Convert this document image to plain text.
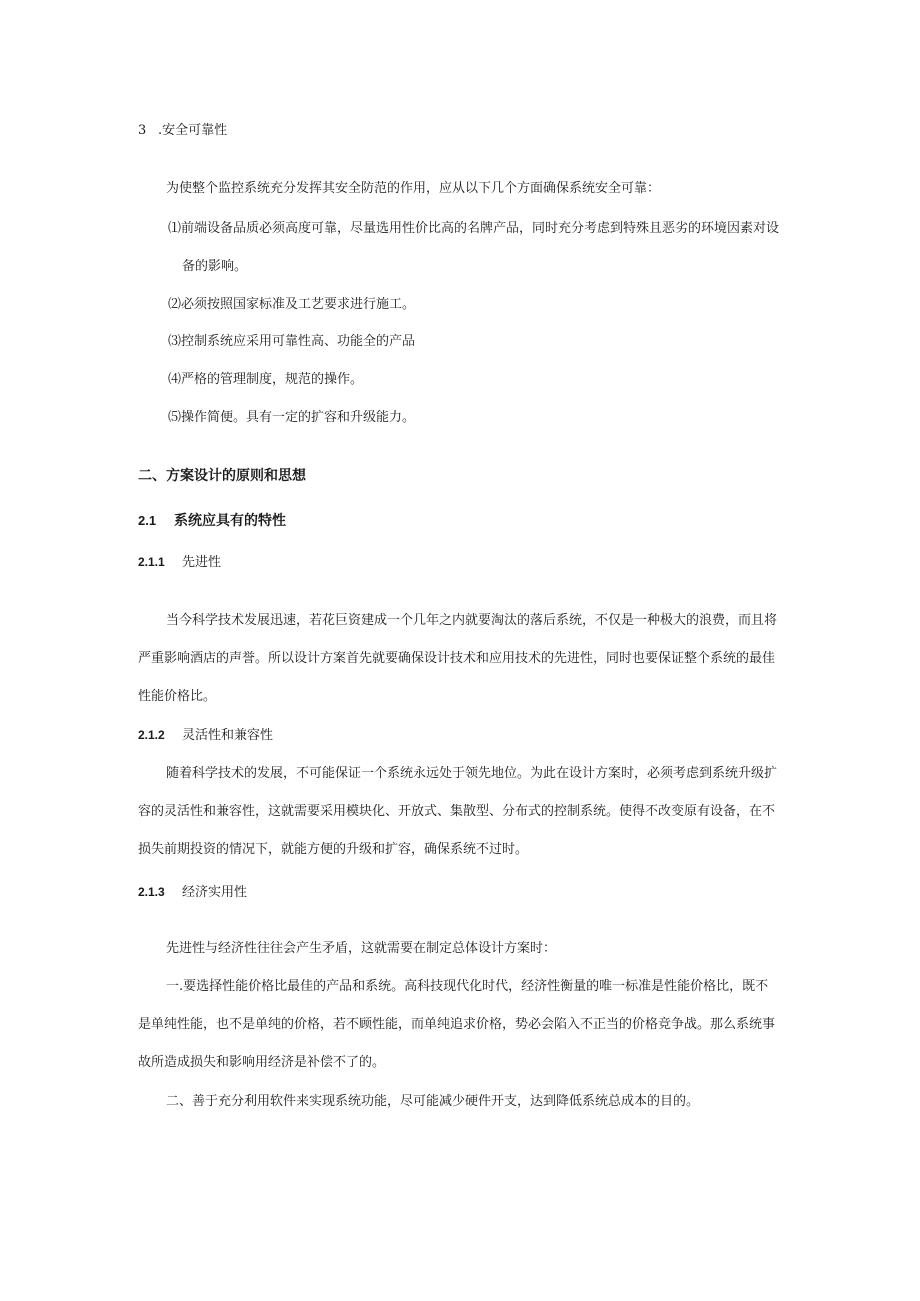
3 .安全可靠性
为使整个监控系统充分发挥其安全防范的作用，应从以下几个方面确保系统安全可靠：
⑴前端设备品质必须高度可靠，尽量选用性价比高的名牌产品，同时充分考虑到特殊且恶劣的环境因素对设
备的影响。
⑵必须按照国家标准及工艺要求进行施工。
⑶控制系统应采用可靠性高、功能全的产品
⑷严格的管理制度，规范的操作。
⑸操作简便。具有一定的扩容和升级能力。
二、方案设计的原则和思想
2.1 系统应具有的特性
2.1.1 先进性
当今科学技术发展迅速，若花巨资建成一个几年之内就要淘汰的落后系统，不仅是一种极大的浪费，而且将
严重影响酒店的声誉。所以设计方案首先就要确保设计技术和应用技术的先进性，同时也要保证整个系统的最佳
性能价格比。
2.1.2 灵活性和兼容性
随着科学技术的发展，不可能保证一个系统永远处于领先地位。为此在设计方案时，必须考虑到系统升级扩
容的灵活性和兼容性，这就需要采用模块化、开放式、集散型、分布式的控制系统。使得不改变原有设备，在不
损失前期投资的情况下，就能方便的升级和扩容，确保系统不过时。
2.1.3 经济实用性
先进性与经济性往往会产生矛盾，这就需要在制定总体设计方案时：
一.要选择性能价格比最佳的产品和系统。高科技现代化时代，经济性衡量的唯一标准是性能价格比，既不
是单纯性能，也不是单纯的价格，若不顾性能，而单纯追求价格，势必会陷入不正当的价格竞争战。那么系统事
故所造成损失和影响用经济是补偿不了的。
二、善于充分利用软件来实现系统功能，尽可能减少硬件开支，达到降低系统总成本的目的。
